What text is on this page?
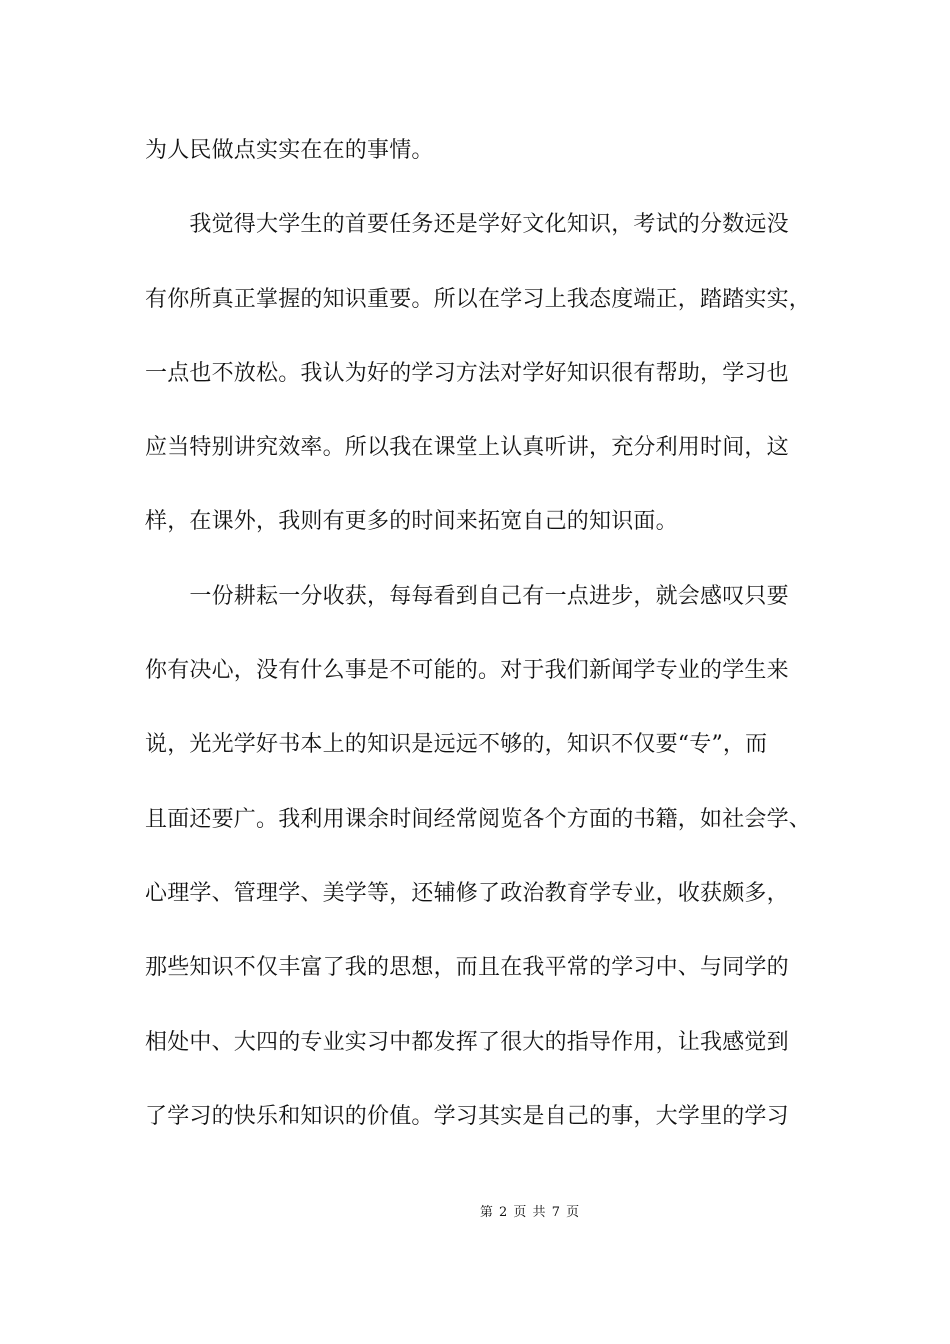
为人民做点实实在在的事情。
　　我觉得大学生的首要任务还是学好文化知识，考试的分数远没
有你所真正掌握的知识重要。所以在学习上我态度端正，踏踏实实，
一点也不放松。我认为好的学习方法对学好知识很有帮助，学习也
应当特别讲究效率。所以我在课堂上认真听讲，充分利用时间，这
样，在课外，我则有更多的时间来拓宽自己的知识面。
　　一份耕耘一分收获，每每看到自己有一点进步，就会感叹只要
你有决心，没有什么事是不可能的。对于我们新闻学专业的学生来
说，光光学好书本上的知识是远远不够的，知识不仅要“专”，而
且面还要广。我利用课余时间经常阅览各个方面的书籍，如社会学、
心理学、管理学、美学等，还辅修了政治教育学专业，收获颇多，
那些知识不仅丰富了我的思想，而且在我平常的学习中、与同学的
相处中、大四的专业实习中都发挥了很大的指导作用，让我感觉到
了学习的快乐和知识的价值。学习其实是自己的事，大学里的学习
第 2 页 共 7 页
